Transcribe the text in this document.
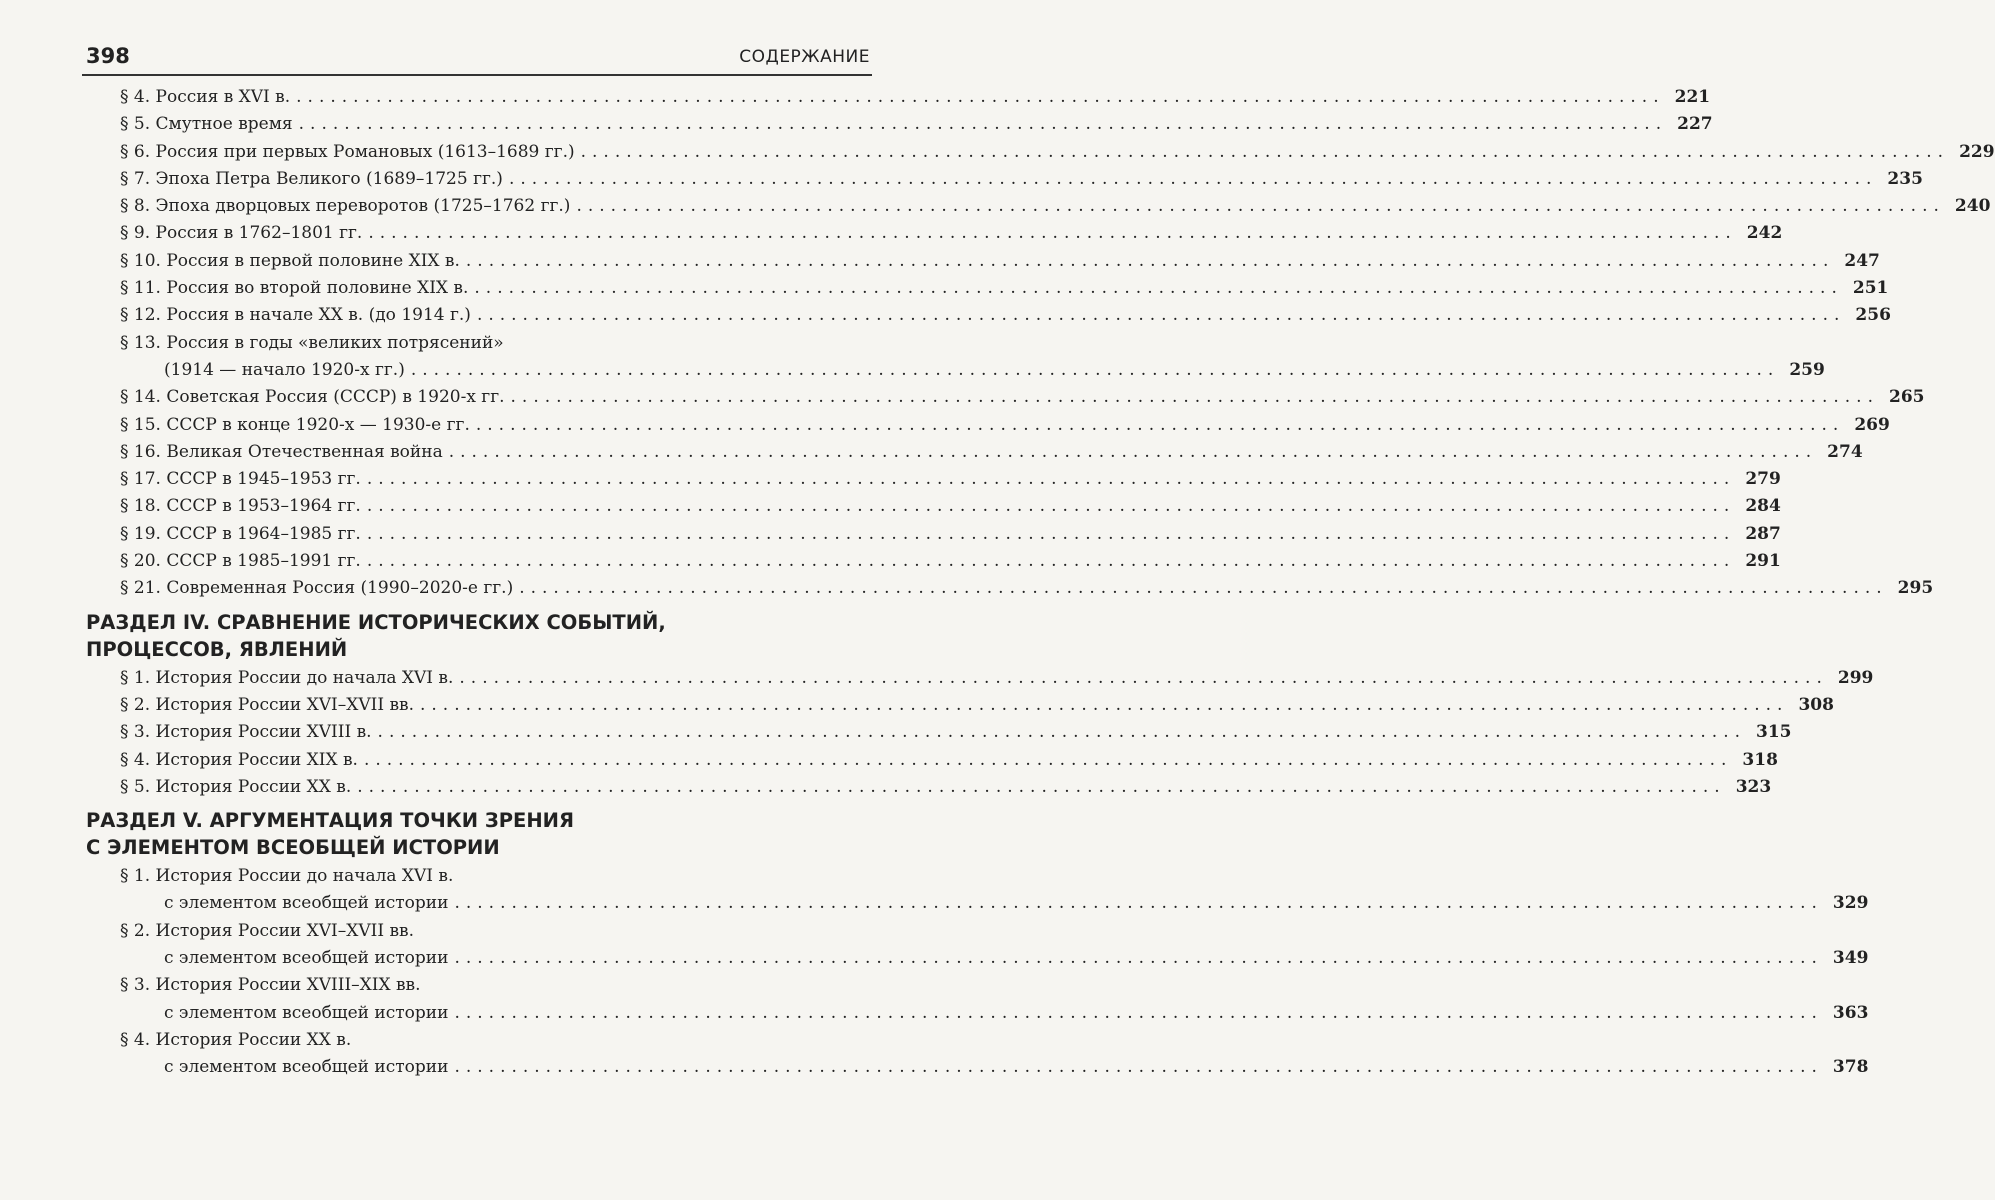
398	СОДЕРЖАНИЕ
§ 4. Россия в XVI в. ........................................................................................................................ 221
§ 5. Смутное время ........................................................................................................................ 227
§ 6. Россия при первых Романовых (1613–1689 гг.) ........................................................................................................................ 229
§ 7. Эпоха Петра Великого (1689–1725 гг.) ........................................................................................................................ 235
§ 8. Эпоха дворцовых переворотов (1725–1762 гг.) ........................................................................................................................ 240
§ 9. Россия в 1762–1801 гг. ........................................................................................................................ 242
§ 10. Россия в первой половине XIX в. ........................................................................................................................ 247
§ 11. Россия во второй половине XIX в. ........................................................................................................................ 251
§ 12. Россия в начале XX в. (до 1914 г.) ........................................................................................................................ 256
§ 13. Россия в годы «великих потрясений»
(1914 — начало 1920-х гг.) ........................................................................................................................ 259
§ 14. Советская Россия (СССР) в 1920-х гг. ........................................................................................................................ 265
§ 15. СССР в конце 1920-х — 1930-е гг. ........................................................................................................................ 269
§ 16. Великая Отечественная война ........................................................................................................................ 274
§ 17. СССР в 1945–1953 гг. ........................................................................................................................ 279
§ 18. СССР в 1953–1964 гг. ........................................................................................................................ 284
§ 19. СССР в 1964–1985 гг. ........................................................................................................................ 287
§ 20. СССР в 1985–1991 гг. ........................................................................................................................ 291
§ 21. Современная Россия (1990–2020-е гг.) ........................................................................................................................ 295
РАЗДЕЛ IV. СРАВНЕНИЕ ИСТОРИЧЕСКИХ СОБЫТИЙ,
ПРОЦЕССОВ, ЯВЛЕНИЙ
§ 1. История России до начала XVI в. ........................................................................................................................ 299
§ 2. История России XVI–XVII вв. ........................................................................................................................ 308
§ 3. История России XVIII в. ........................................................................................................................ 315
§ 4. История России XIX в. ........................................................................................................................ 318
§ 5. История России XX в. ........................................................................................................................ 323
РАЗДЕЛ V. АРГУМЕНТАЦИЯ ТОЧКИ ЗРЕНИЯ
С ЭЛЕМЕНТОМ ВСЕОБЩЕЙ ИСТОРИИ
§ 1. История России до начала XVI в.
с элементом всеобщей истории ........................................................................................................................ 329
§ 2. История России XVI–XVII вв.
с элементом всеобщей истории ........................................................................................................................ 349
§ 3. История России XVIII–XIX вв.
с элементом всеобщей истории ........................................................................................................................ 363
§ 4. История России XX в.
с элементом всеобщей истории ........................................................................................................................ 378
